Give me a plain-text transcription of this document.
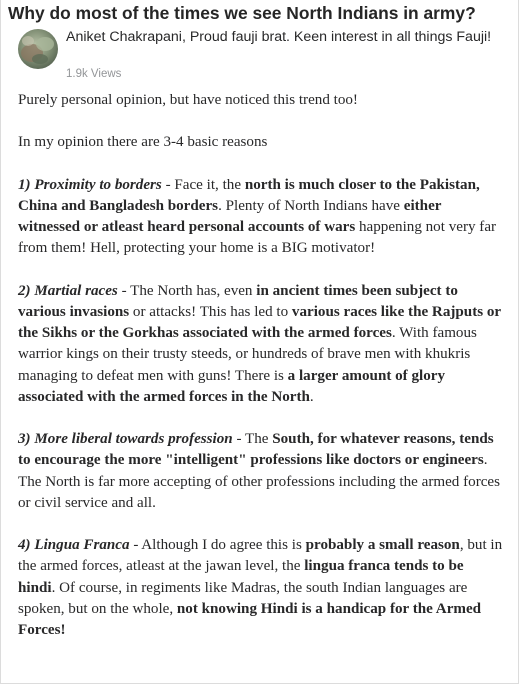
Why do most of the times we see North Indians in army?
Aniket Chakrapani, Proud fauji brat. Keen interest in all things Fauji!
1.9k Views

Purely personal opinion, but have noticed this trend too!

In my opinion there are 3-4 basic reasons

1) Proximity to borders - Face it, the north is much closer to the Pakistan, China and Bangladesh borders. Plenty of North Indians have either witnessed or atleast heard personal accounts of wars happening not very far from them! Hell, protecting your home is a BIG motivator!

2) Martial races - The North has, even in ancient times been subject to various invasions or attacks! This has led to various races like the Rajputs or the Sikhs or the Gorkhas associated with the armed forces. With famous warrior kings on their trusty steeds, or hundreds of brave men with khukris managing to defeat men with guns! There is a larger amount of glory associated with the armed forces in the North.

3) More liberal towards profession - The South, for whatever reasons, tends to encourage the more "intelligent" professions like doctors or engineers. The North is far more accepting of other professions including the armed forces or civil service and all.

4) Lingua Franca - Although I do agree this is probably a small reason, but in the armed forces, atleast at the jawan level, the lingua franca tends to be hindi. Of course, in regiments like Madras, the south Indian languages are spoken, but on the whole, not knowing Hindi is a handicap for the Armed Forces!
